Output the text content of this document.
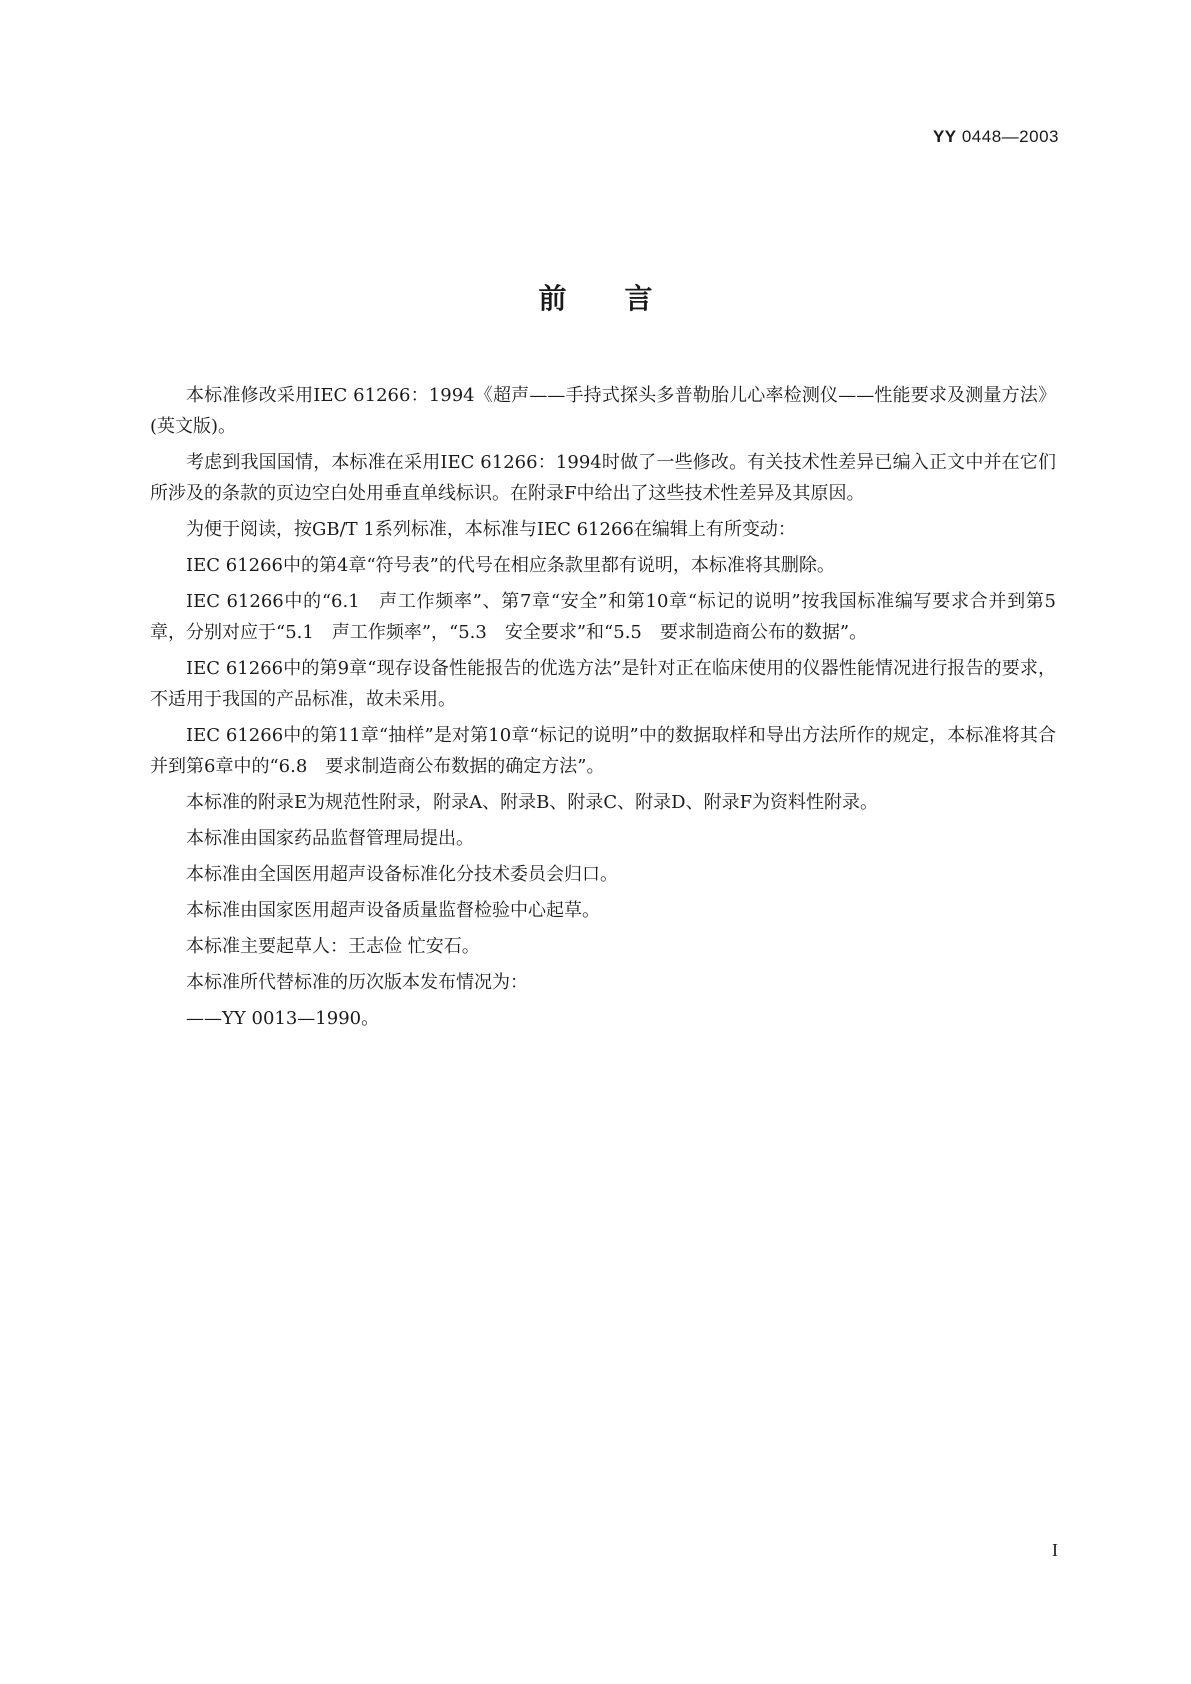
YY 0448—2003
前言

本标准修改采用IEC 61266：1994《超声——手持式探头多普勒胎儿心率检测仪——性能要求及测量方法》(英文版)。

考虑到我国国情，本标准在采用IEC 61266：1994时做了一些修改。有关技术性差异已编入正文中并在它们所涉及的条款的页边空白处用垂直单线标识。在附录F中给出了这些技术性差异及其原因。

为便于阅读，按GB/T 1系列标准，本标准与IEC 61266在编辑上有所变动：

IEC 61266中的第4章“符号表”的代号在相应条款里都有说明，本标准将其删除。

IEC 61266中的“6.1　声工作频率”、第7章“安全”和第10章“标记的说明”按我国标准编写要求合并到第5章，分别对应于“5.1　声工作频率”，“5.3　安全要求”和“5.5　要求制造商公布的数据”。

IEC 61266中的第9章“现存设备性能报告的优选方法”是针对正在临床使用的仪器性能情况进行报告的要求，不适用于我国的产品标准，故未采用。

IEC 61266中的第11章“抽样”是对第10章“标记的说明”中的数据取样和导出方法所作的规定，本标准将其合并到第6章中的“6.8　要求制造商公布数据的确定方法”。

本标准的附录E为规范性附录，附录A、附录B、附录C、附录D、附录F为资料性附录。

本标准由国家药品监督管理局提出。

本标准由全国医用超声设备标准化分技术委员会归口。

本标准由国家医用超声设备质量监督检验中心起草。

本标准主要起草人：王志俭 忙安石。

本标准所代替标准的历次版本发布情况为：

——YY 0013—1990。

I
